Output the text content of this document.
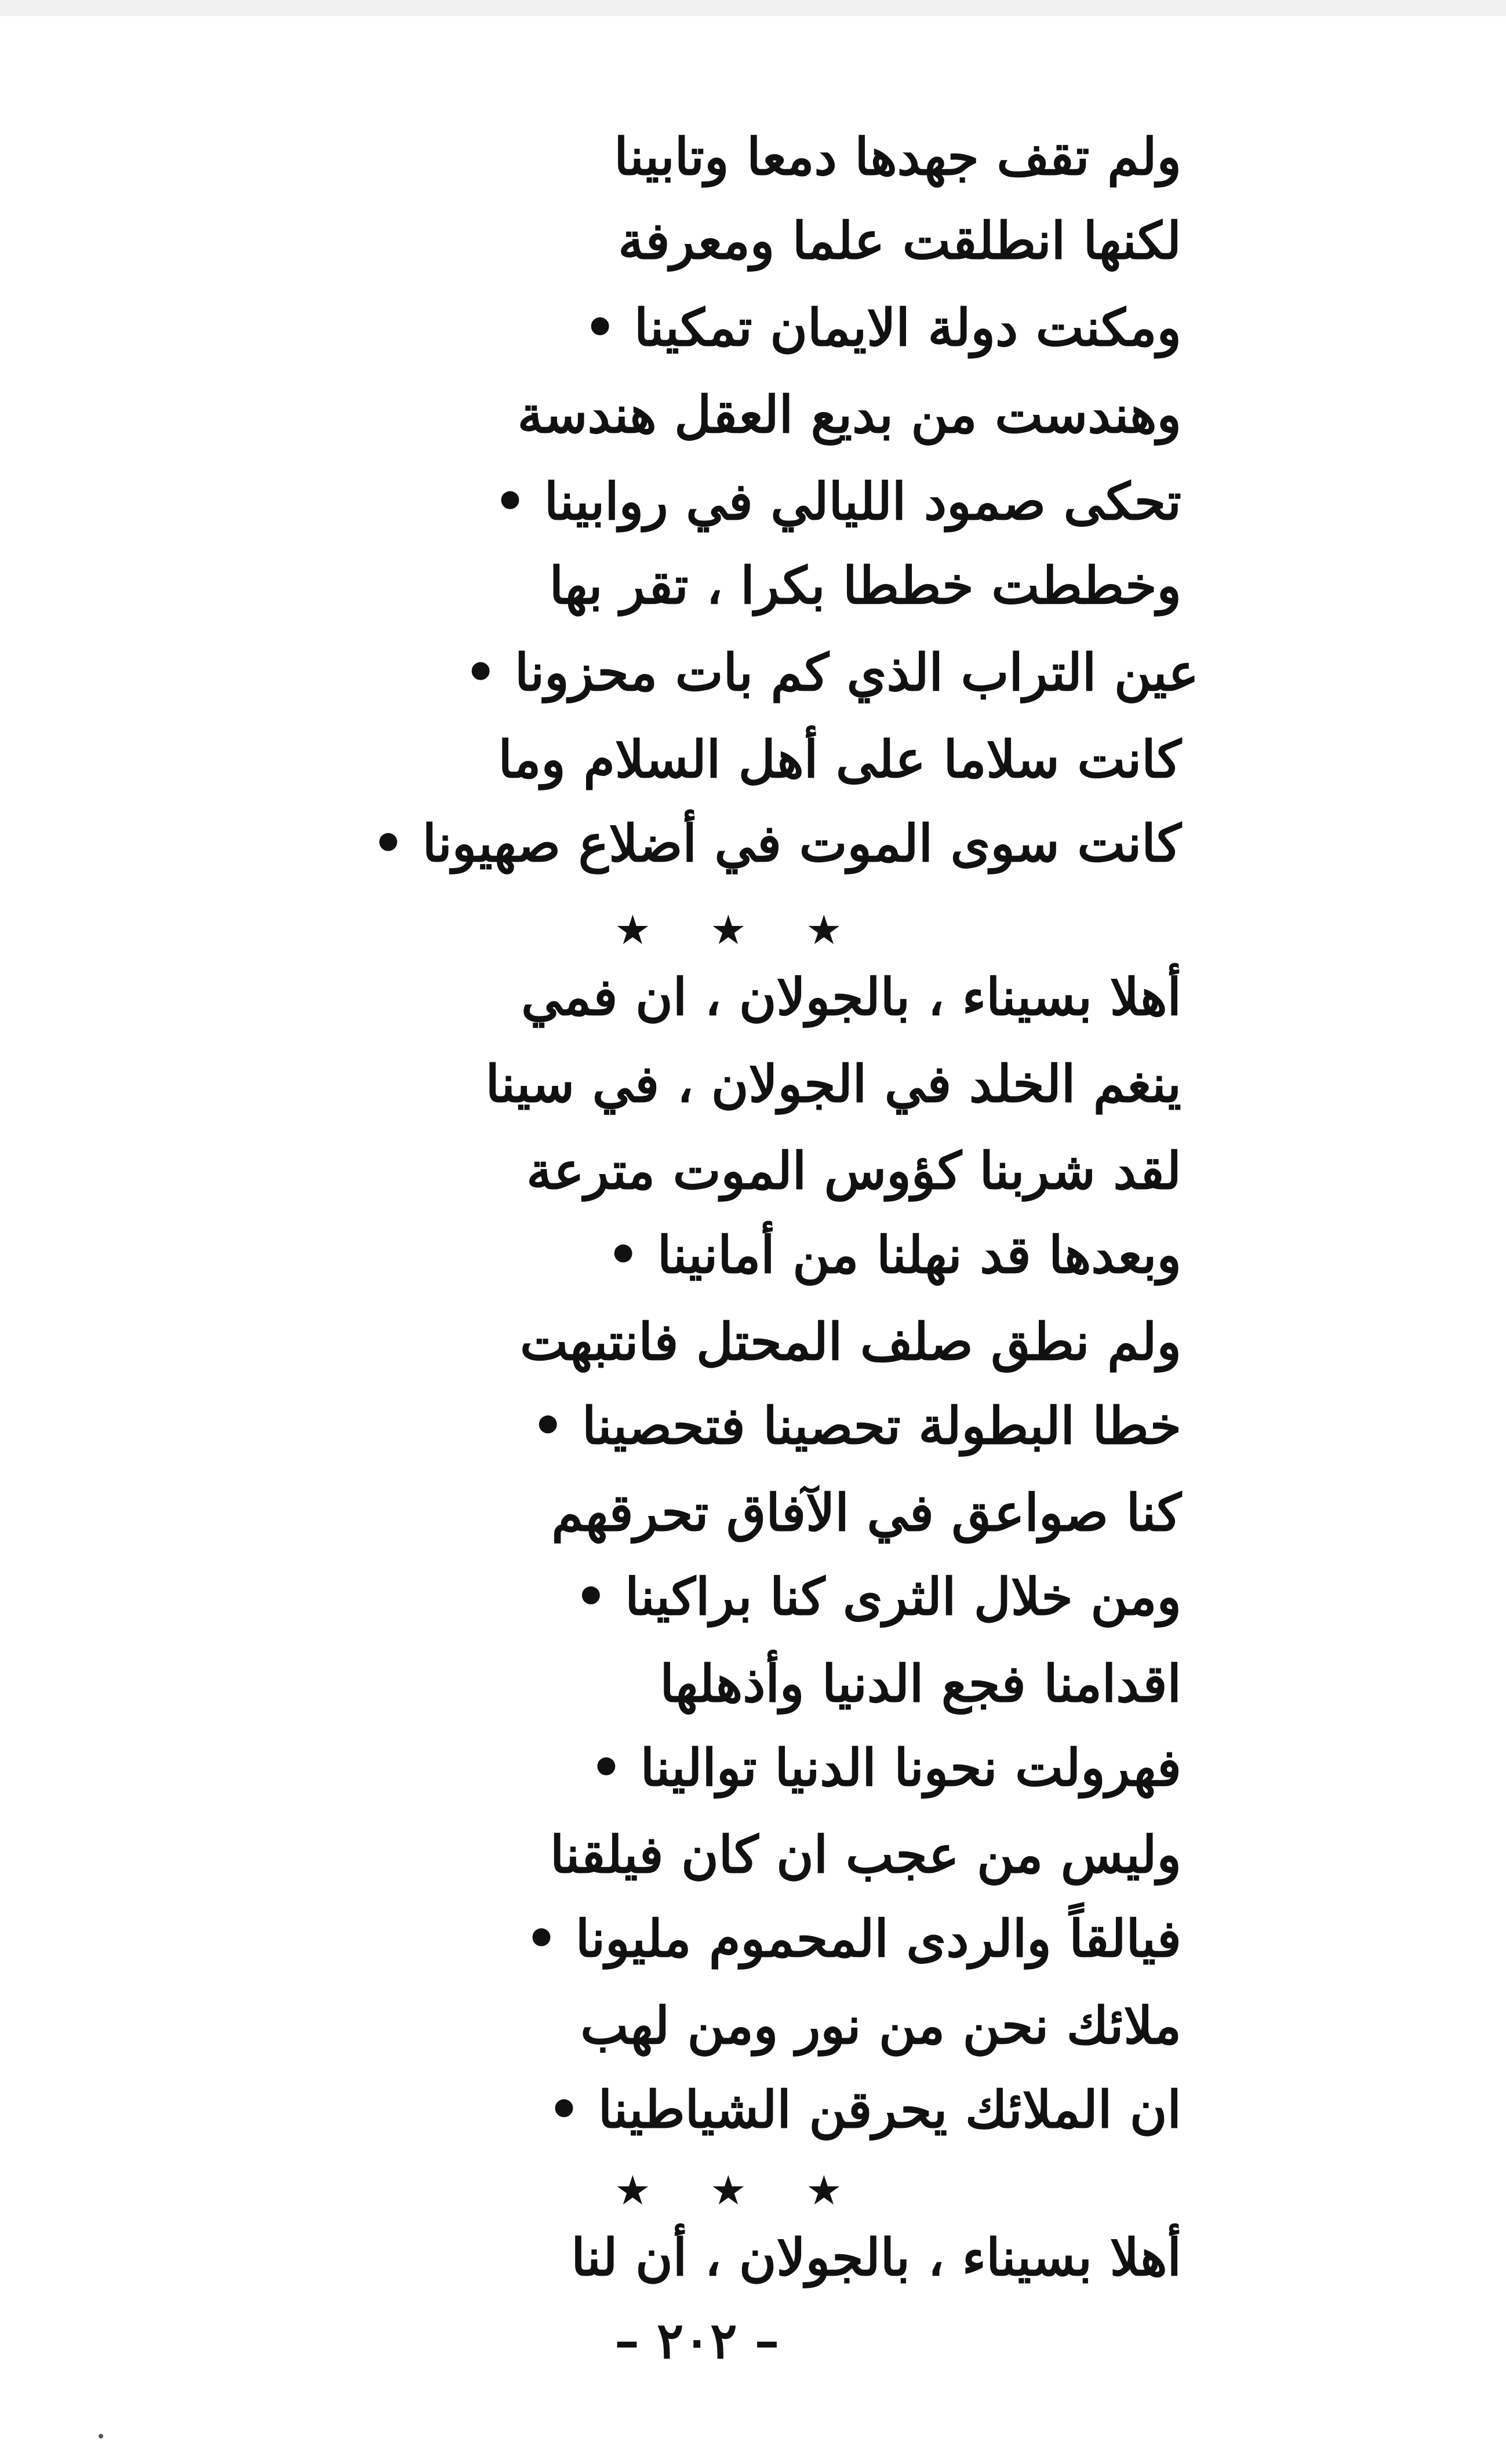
ولم تقف جهدها دمعا وتابينا
لكنها انطلقت علما ومعرفة
ومكنت دولة الايمان تمكينا •
وهندست من بديع العقل هندسة
تحكى صمود الليالي في روابينا •
وخططت خططا بكرا ، تقر بها
عين التراب الذي كم بات محزونا •
كانت سلاما على أهل السلام وما
كانت سوى الموت في أضلاع صهيونا •
★ ★ ★
أهلا بسيناء ، بالجولان ، ان فمي
ينغم الخلد في الجولان ، في سينا
لقد شربنا كؤوس الموت مترعة
وبعدها قد نهلنا من أمانينا •
ولم نطق صلف المحتل فانتبهت
خطا البطولة تحصينا فتحصينا •
كنا صواعق في الآفاق تحرقهم
ومن خلال الثرى كنا براكينا •
اقدامنا فجع الدنيا وأذهلها
فهرولت نحونا الدنيا توالينا •
وليس من عجب ان كان فيلقنا
فيالقاً والردى المحموم مليونا •
ملائك نحن من نور ومن لهب
ان الملائك يحرقن الشياطينا •
★ ★ ★
أهلا بسيناء ، بالجولان ، أن لنا
– ٢٠٢ –
